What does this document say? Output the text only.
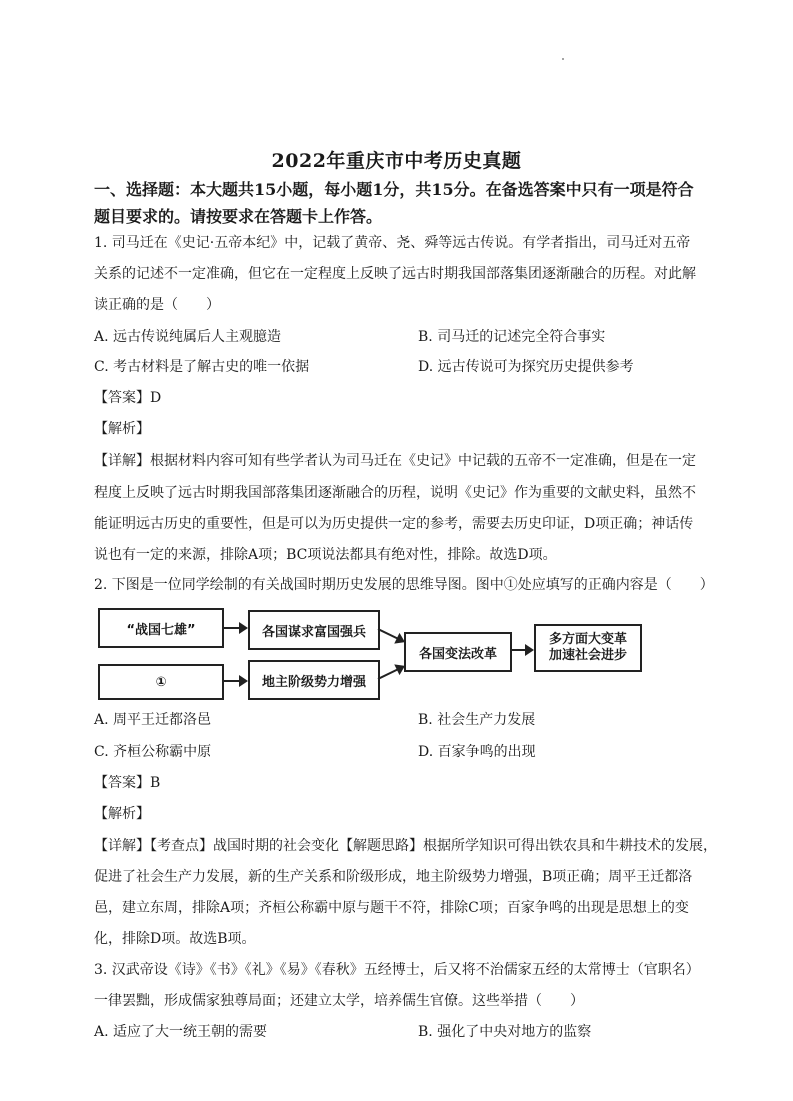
2022年重庆市中考历史真题
一、选择题：本大题共15小题，每小题1分，共15分。在备选答案中只有一项是符合
题目要求的。请按要求在答题卡上作答。
1. 司马迁在《史记·五帝本纪》中，记载了黄帝、尧、舜等远古传说。有学者指出，司马迁对五帝
关系的记述不一定准确，但它在一定程度上反映了远古时期我国部落集团逐渐融合的历程。对此解
读正确的是（　　）
A. 远古传说纯属后人主观臆造	B. 司马迁的记述完全符合事实
C. 考古材料是了解古史的唯一依据	D. 远古传说可为探究历史提供参考
【答案】D
【解析】
【详解】根据材料内容可知有些学者认为司马迁在《史记》中记载的五帝不一定准确，但是在一定
程度上反映了远古时期我国部落集团逐渐融合的历程，说明《史记》作为重要的文献史料，虽然不
能证明远古历史的重要性，但是可以为历史提供一定的参考，需要去历史印证，D项正确；神话传
说也有一定的来源，排除A项；BC项说法都具有绝对性，排除。故选D项。
2. 下图是一位同学绘制的有关战国时期历史发展的思维导图。图中①处应填写的正确内容是（　　）
“战国七雄”
①
各国谋求富国强兵
地主阶级势力增强
各国变法改革
多方面大变革
加速社会进步
A. 周平王迁都洛邑	B. 社会生产力发展
C. 齐桓公称霸中原	D. 百家争鸣的出现
【答案】B
【解析】
【详解】【考查点】战国时期的社会变化【解题思路】根据所学知识可得出铁农具和牛耕技术的发展，
促进了社会生产力发展，新的生产关系和阶级形成，地主阶级势力增强，B项正确；周平王迁都洛
邑，建立东周，排除A项；齐桓公称霸中原与题干不符，排除C项；百家争鸣的出现是思想上的变
化，排除D项。故选B项。
3. 汉武帝设《诗》《书》《礼》《易》《春秋》五经博士，后又将不治儒家五经的太常博士（官职名）
一律罢黜，形成儒家独尊局面；还建立太学，培养儒生官僚。这些举措（　　）
A. 适应了大一统王朝的需要	B. 强化了中央对地方的监察
